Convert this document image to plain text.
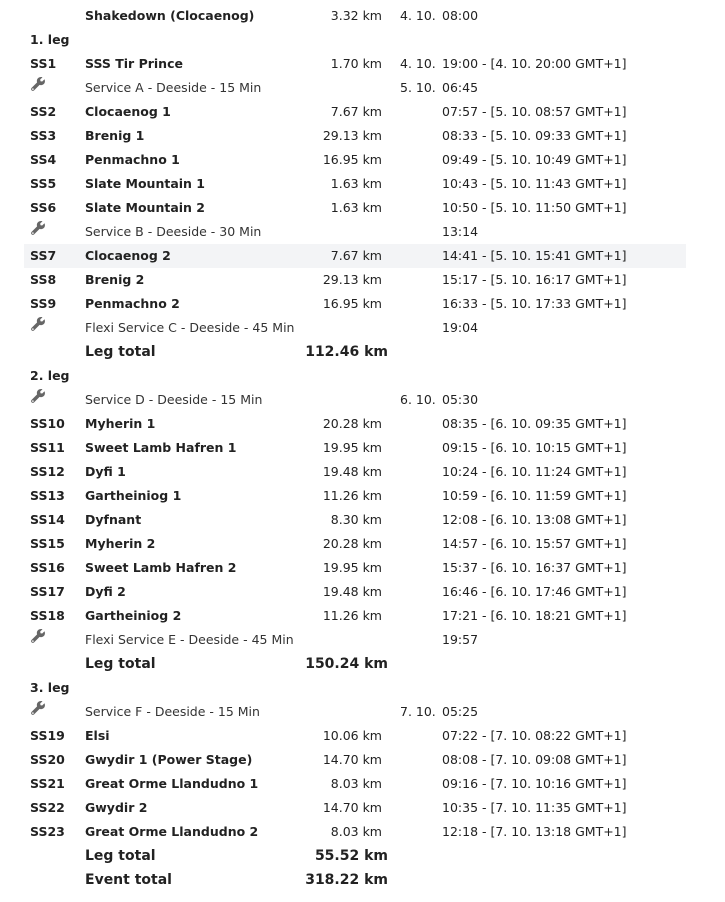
Shakedown (Clocaenog)	3.32 km 4. 10. 08:00
1. leg
SS1 SSS Tir Prince	1.70 km 4. 10. 19:00 - [4. 10. 20:00 GMT+1]
Service A - Deeside - 15 Min	5. 10. 06:45
SS2 Clocaenog 1	7.67 km	07:57 - [5. 10. 08:57 GMT+1]
SS3 Brenig 1	29.13 km	08:33 - [5. 10. 09:33 GMT+1]
SS4 Penmachno 1	16.95 km	09:49 - [5. 10. 10:49 GMT+1]
SS5 Slate Mountain 1	1.63 km	10:43 - [5. 10. 11:43 GMT+1]
SS6 Slate Mountain 2	1.63 km	10:50 - [5. 10. 11:50 GMT+1]
Service B - Deeside - 30 Min	13:14
SS7 Clocaenog 2	7.67 km	14:41 - [5. 10. 15:41 GMT+1]
SS8 Brenig 2	29.13 km	15:17 - [5. 10. 16:17 GMT+1]
SS9 Penmachno 2	16.95 km	16:33 - [5. 10. 17:33 GMT+1]
Flexi Service C - Deeside - 45 Min	19:04
Leg total	112.46 km
2. leg
Service D - Deeside - 15 Min	6. 10. 05:30
SS10 Myherin 1	20.28 km	08:35 - [6. 10. 09:35 GMT+1]
SS11 Sweet Lamb Hafren 1	19.95 km	09:15 - [6. 10. 10:15 GMT+1]
SS12 Dyfi 1	19.48 km	10:24 - [6. 10. 11:24 GMT+1]
SS13 Gartheiniog 1	11.26 km	10:59 - [6. 10. 11:59 GMT+1]
SS14 Dyfnant	8.30 km	12:08 - [6. 10. 13:08 GMT+1]
SS15 Myherin 2	20.28 km	14:57 - [6. 10. 15:57 GMT+1]
SS16 Sweet Lamb Hafren 2	19.95 km	15:37 - [6. 10. 16:37 GMT+1]
SS17 Dyfi 2	19.48 km	16:46 - [6. 10. 17:46 GMT+1]
SS18 Gartheiniog 2	11.26 km	17:21 - [6. 10. 18:21 GMT+1]
Flexi Service E - Deeside - 45 Min	19:57
Leg total	150.24 km
3. leg
Service F - Deeside - 15 Min	7. 10. 05:25
SS19 Elsi	10.06 km	07:22 - [7. 10. 08:22 GMT+1]
SS20 Gwydir 1 (Power Stage)	14.70 km	08:08 - [7. 10. 09:08 GMT+1]
SS21 Great Orme Llandudno 1	8.03 km	09:16 - [7. 10. 10:16 GMT+1]
SS22 Gwydir 2	14.70 km	10:35 - [7. 10. 11:35 GMT+1]
SS23 Great Orme Llandudno 2	8.03 km	12:18 - [7. 10. 13:18 GMT+1]
Leg total	55.52 km
Event total	318.22 km
